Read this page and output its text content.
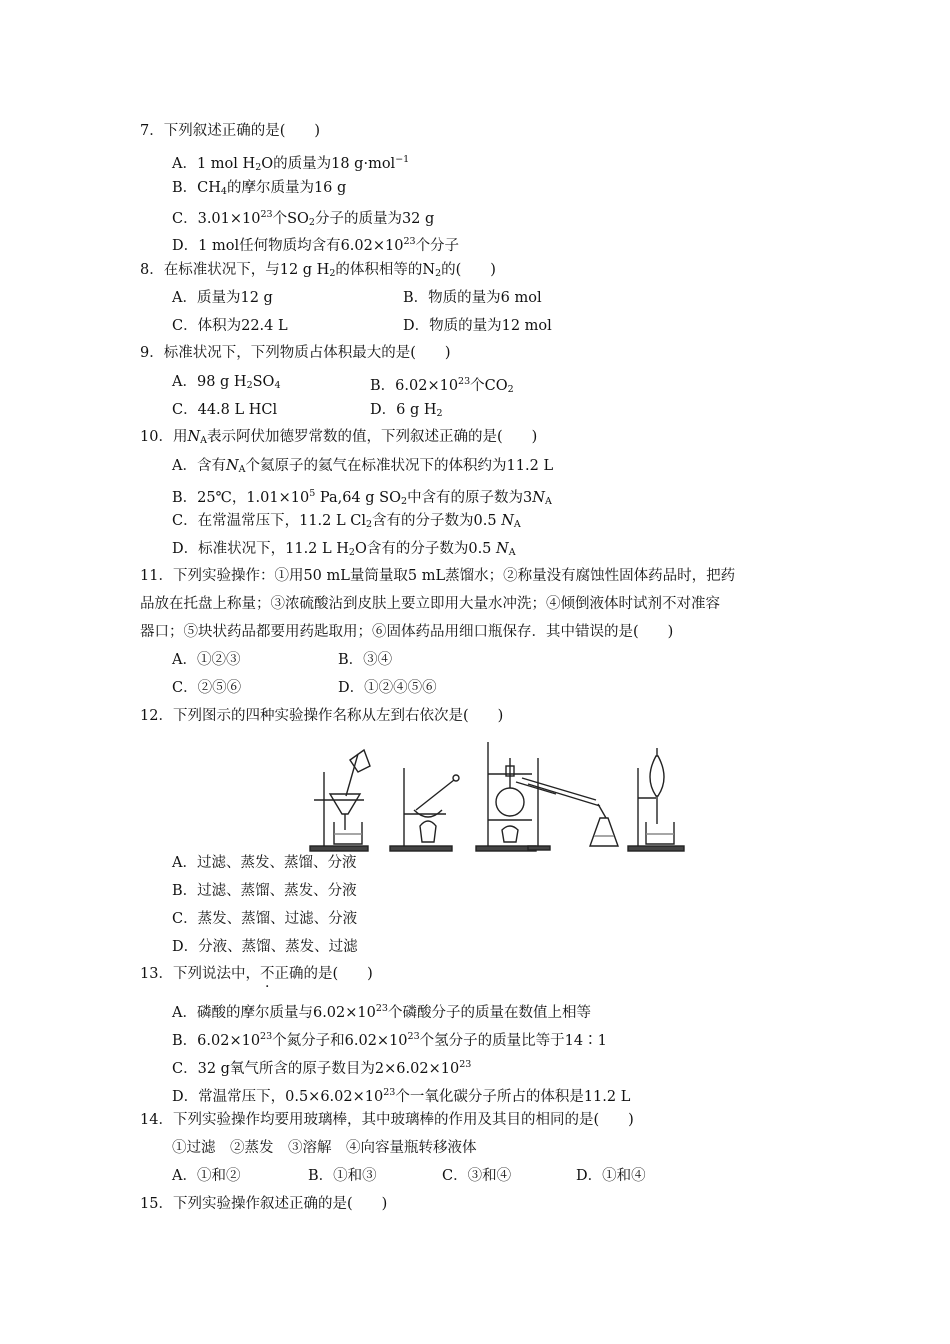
7．下列叙述正确的是(　　)
A．1 mol $H_2O$的质量为18 g·mol$^{-1}$
B．$CH_4$的摩尔质量为16 g
C．$3.01\times 10^{23}$个$SO_2$分子的质量为32 g
D．1 mol任何物质均含有$6.02\times 10^{23}$个分子
8．在标准状况下，与12 g $H_2$的体积相等的$N_2$的(　　)
A．质量为12 g	B．物质的量为6 mol
C．体积为22.4 L	D．物质的量为12 mol
9．标准状况下，下列物质占体积最大的是(　　)
A．98 g $H_2SO_4$	B．$6.02\times 10^{23}$个$CO_2$
C．44.8 L HCl	D．6 g $H_2$
10．用$N_A$表示阿伏加德罗常数的值，下列叙述正确的是(　　)
A．含有$N_A$个氦原子的氦气在标准状况下的体积约为11.2 L
B．25℃，$1.01\times 10^5$ Pa,64 g $SO_2$中含有的原子数为$3N_A$
C．在常温常压下，11.2 L $Cl_2$含有的分子数为0.5 $N_A$
D．标准状况下，11.2 L $H_2O$含有的分子数为0.5 $N_A$
11．下列实验操作：①用50 mL量筒量取5 mL蒸馏水；②称量没有腐蚀性固体药品时，把药
品放在托盘上称量；③浓硫酸沾到皮肤上要立即用大量水冲洗；④倾倒液体时试剂不对准容
器口；⑤块状药品都要用药匙取用；⑥固体药品用细口瓶保存．其中错误的是(　　)
A．①②③	B．③④
C．②⑤⑥	D．①②④⑤⑥
12．下列图示的四种实验操作名称从左到右依次是(　　)
A．过滤、蒸发、蒸馏、分液
B．过滤、蒸馏、蒸发、分液
C．蒸发、蒸馏、过滤、分液
D．分液、蒸馏、蒸发、过滤
13．下列说法中，不正确的是(　　)
A．磷酸的摩尔质量与$6.02\times 10^{23}$个磷酸分子的质量在数值上相等
B．$6.02\times 10^{23}$个氮分子和$6.02\times 10^{23}$个氢分子的质量比等于14∶1
C．32 g氧气所含的原子数目为$2\times 6.02\times 10^{23}$
D．常温常压下，$0.5\times 6.02\times 10^{23}$个一氧化碳分子所占的体积是11.2 L
14．下列实验操作均要用玻璃棒，其中玻璃棒的作用及其目的相同的是(　　)
①过滤　②蒸发　③溶解　④向容量瓶转移液体
A．①和②	B．①和③	C．③和④	D．①和④
15．下列实验操作叙述正确的是(　　)
